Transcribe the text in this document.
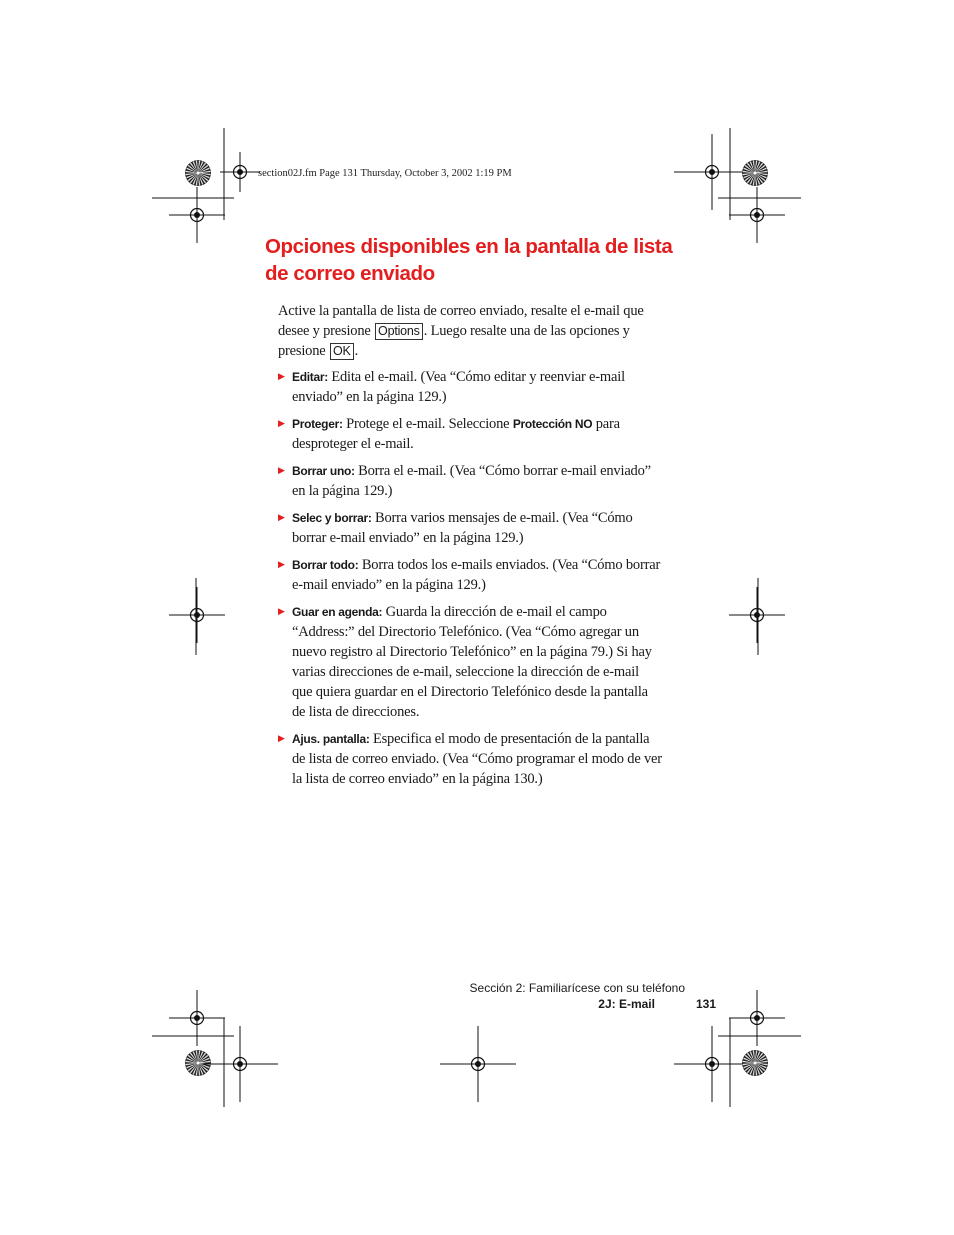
section02J.fm Page 131 Thursday, October 3, 2002 1:19 PM
Opciones disponibles en la pantalla de lista de correo enviado

Active la pantalla de lista de correo enviado, resalte el e-mail que desee y presione Options . Luego resalte una de las opciones y presione OK .

▶ Editar: Edita el e-mail. (Vea “Cómo editar y reenviar e-mail enviado” en la página 129.)
▶ Proteger: Protege el e-mail. Seleccione Protección NO para desproteger el e-mail.
▶ Borrar uno: Borra el e-mail. (Vea “Cómo borrar e-mail enviado” en la página 129.)
▶ Selec y borrar: Borra varios mensajes de e-mail. (Vea “Cómo borrar e-mail enviado” en la página 129.)
▶ Borrar todo: Borra todos los e-mails enviados. (Vea “Cómo borrar e-mail enviado” en la página 129.)
▶ Guar en agenda: Guarda la dirección de e-mail el campo “Address:” del Directorio Telefónico. (Vea “Cómo agregar un nuevo registro al Directorio Telefónico” en la página 79.) Si hay varias direcciones de e-mail, seleccione la dirección de e-mail que quiera guardar en el Directorio Telefónico desde la pantalla de lista de direcciones.
▶ Ajus. pantalla: Especifica el modo de presentación de la pantalla de lista de correo enviado. (Vea “Cómo programar el modo de ver la lista de correo enviado” en la página 130.)
Sección 2: Familiarícese con su teléfono
2J: E-mail	131
